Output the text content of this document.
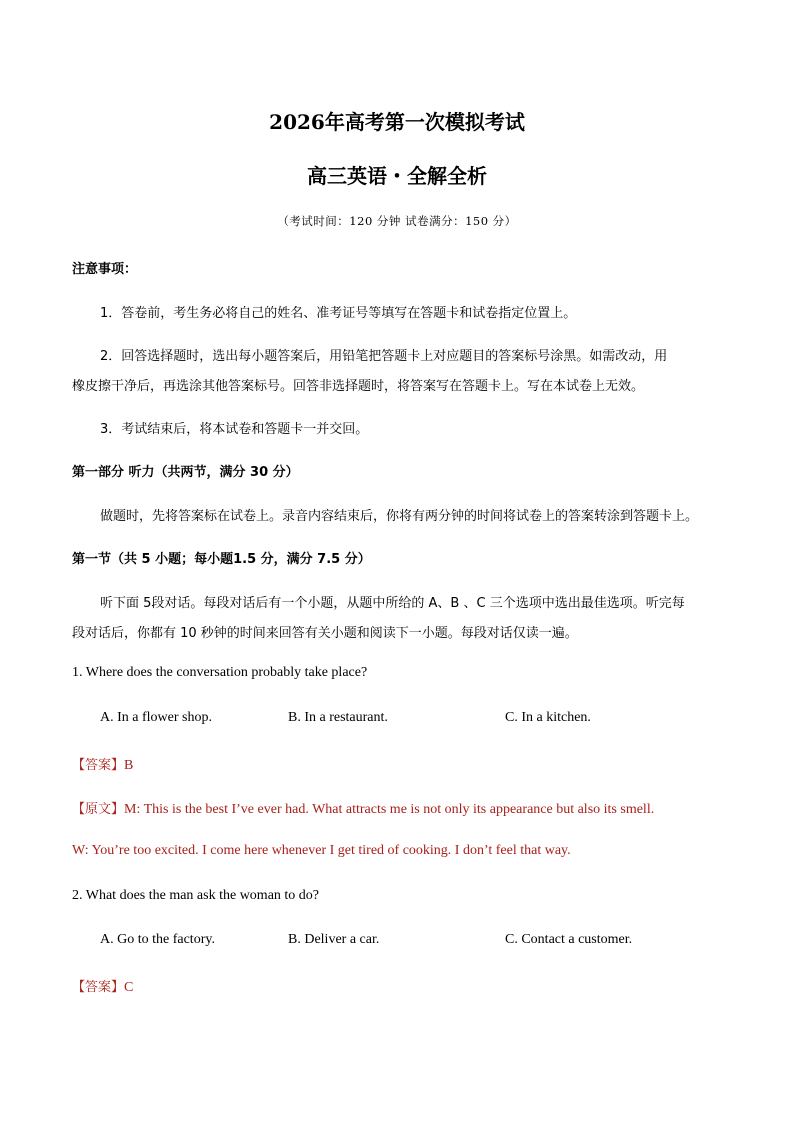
2026年高考第一次模拟考试
高三英语・全解全析
（考试时间：120 分钟 试卷满分：150 分）
注意事项：
1．答卷前，考生务必将自己的姓名、准考证号等填写在答题卡和试卷指定位置上。
2．回答选择题时，选出每小题答案后，用铅笔把答题卡上对应题目的答案标号涂黑。如需改动，用
橡皮擦干净后，再选涂其他答案标号。回答非选择题时，将答案写在答题卡上。写在本试卷上无效。
3．考试结束后，将本试卷和答题卡一并交回。
第一部分 听力（共两节，满分 30 分）
做题时，先将答案标在试卷上。录音内容结束后，你将有两分钟的时间将试卷上的答案转涂到答题卡上。
第一节（共 5 小题；每小题1.5 分，满分 7.5 分）
听下面 5段对话。每段对话后有一个小题，从题中所给的 A、B 、C 三个选项中选出最佳选项。听完每
段对话后，你都有 10 秒钟的时间来回答有关小题和阅读下一小题。每段对话仅读一遍。
1. Where does the conversation probably take place?
A. In a flower shop.	B. In a restaurant.	C. In a kitchen.
【答案】B
【原文】M: This is the best I’ve ever had. What attracts me is not only its appearance but also its smell.
W: You’re too excited. I come here whenever I get tired of cooking. I don’t feel that way.
2. What does the man ask the woman to do?
A. Go to the factory.	B. Deliver a car.	C. Contact a customer.
【答案】C
